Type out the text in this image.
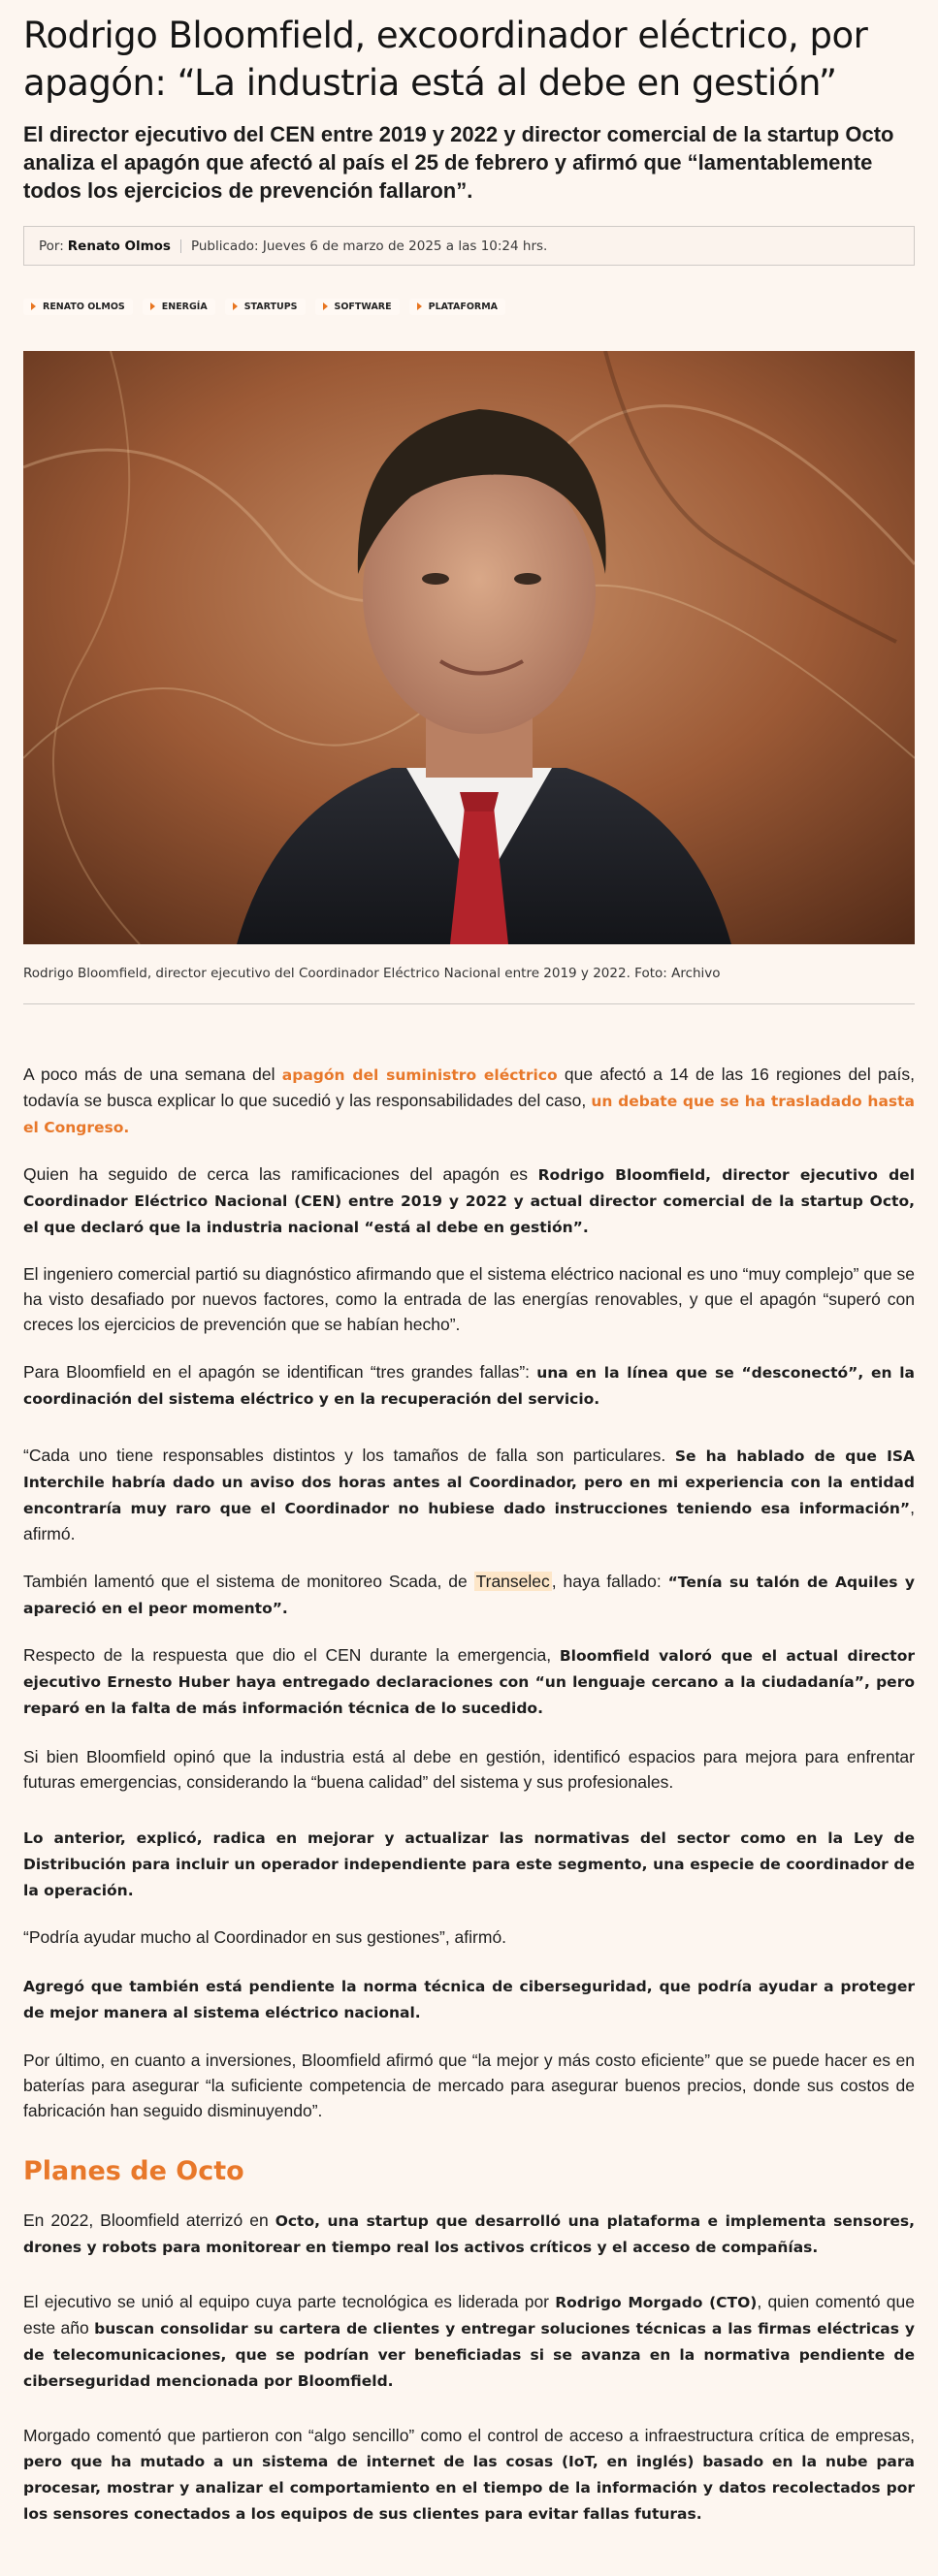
Rodrigo Bloomfield, excoordinador eléctrico, por apagón: “La industria está al debe en gestión”

El director ejecutivo del CEN entre 2019 y 2022 y director comercial de la startup Octo analiza el apagón que afectó al país el 25 de febrero y afirmó que “lamentablemente todos los ejercicios de prevención fallaron”.

Por: Renato Olmos Publicado: Jueves 6 de marzo de 2025 a las 10:24 hrs.
RENATO OLMOS	ENERGÍA	STARTUPS	SOFTWARE	PLATAFORMA
Rodrigo Bloomfield, director ejecutivo del Coordinador Eléctrico Nacional entre 2019 y 2022. Foto: Archivo

A poco más de una semana del apagón del suministro eléctrico que afectó a 14 de las 16 regiones del país, todavía se busca explicar lo que sucedió y las responsabilidades del caso, un debate que se ha trasladado hasta el Congreso.

Quien ha seguido de cerca las ramificaciones del apagón es Rodrigo Bloomfield, director ejecutivo del Coordinador Eléctrico Nacional (CEN) entre 2019 y 2022 y actual director comercial de la startup Octo, el que declaró que la industria nacional “está al debe en gestión”.

El ingeniero comercial partió su diagnóstico afirmando que el sistema eléctrico nacional es uno “muy complejo” que se ha visto desafiado por nuevos factores, como la entrada de las energías renovables, y que el apagón “superó con creces los ejercicios de prevención que se habían hecho”.

Para Bloomfield en el apagón se identifican “tres grandes fallas”: una en la línea que se “desconectó”, en la coordinación del sistema eléctrico y en la recuperación del servicio.

“Cada uno tiene responsables distintos y los tamaños de falla son particulares. Se ha hablado de que ISA Interchile habría dado un aviso dos horas antes al Coordinador, pero en mi experiencia con la entidad encontraría muy raro que el Coordinador no hubiese dado instrucciones teniendo esa información”, afirmó.

También lamentó que el sistema de monitoreo Scada, de Transelec , haya fallado: “Tenía su talón de Aquiles y apareció en el peor momento”.

Respecto de la respuesta que dio el CEN durante la emergencia, Bloomfield valoró que el actual director ejecutivo Ernesto Huber haya entregado declaraciones con “un lenguaje cercano a la ciudadanía”, pero reparó en la falta de más información técnica de lo sucedido.

Si bien Bloomfield opinó que la industria está al debe en gestión, identificó espacios para mejora para enfrentar futuras emergencias, considerando la “buena calidad” del sistema y sus profesionales.

Lo anterior, explicó, radica en mejorar y actualizar las normativas del sector como en la Ley de Distribución para incluir un operador independiente para este segmento, una especie de coordinador de la operación.

“Podría ayudar mucho al Coordinador en sus gestiones”, afirmó.

Agregó que también está pendiente la norma técnica de ciberseguridad, que podría ayudar a proteger de mejor manera al sistema eléctrico nacional.

Por último, en cuanto a inversiones, Bloomfield afirmó que “la mejor y más costo eficiente” que se puede hacer es en baterías para asegurar “la suficiente competencia de mercado para asegurar buenos precios, donde sus costos de fabricación han seguido disminuyendo”.

Planes de Octo

En 2022, Bloomfield aterrizó en Octo, una startup que desarrolló una plataforma e implementa sensores, drones y robots para monitorear en tiempo real los activos críticos y el acceso de compañías.

El ejecutivo se unió al equipo cuya parte tecnológica es liderada por Rodrigo Morgado (CTO), quien comentó que este año buscan consolidar su cartera de clientes y entregar soluciones técnicas a las firmas eléctricas y de telecomunicaciones, que se podrían ver beneficiadas si se avanza en la normativa pendiente de ciberseguridad mencionada por Bloomfield.

Morgado comentó que partieron con “algo sencillo” como el control de acceso a infraestructura crítica de empresas, pero que ha mutado a un sistema de internet de las cosas (IoT, en inglés) basado en la nube para procesar, mostrar y analizar el comportamiento en el tiempo de la información y datos recolectados por los sensores conectados a los equipos de sus clientes para evitar fallas futuras.
